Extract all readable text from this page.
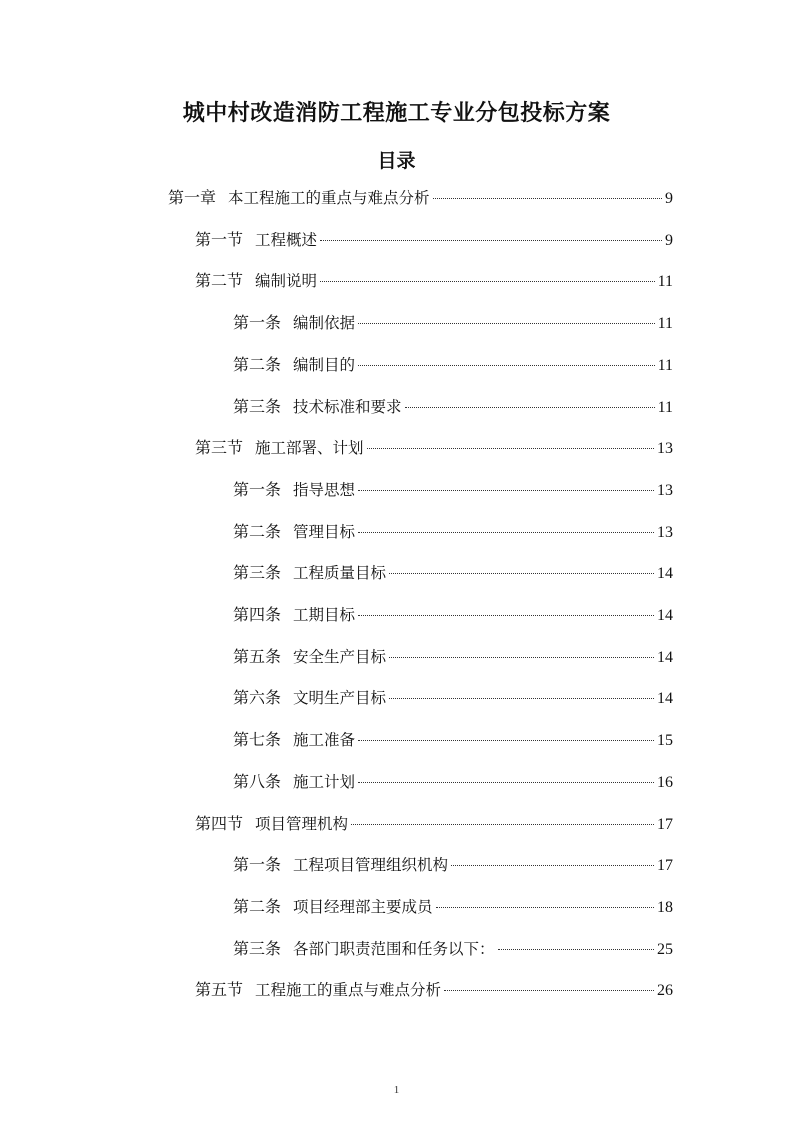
城中村改造消防工程施工专业分包投标方案
目录
第一章 本工程施工的重点与难点分析	9
第一节 工程概述	9
第二节 编制说明	11
第一条 编制依据	11
第二条 编制目的	11
第三条 技术标准和要求	11
第三节 施工部署、计划	13
第一条 指导思想	13
第二条 管理目标	13
第三条 工程质量目标	14
第四条 工期目标	14
第五条 安全生产目标	14
第六条 文明生产目标	14
第七条 施工准备	15
第八条 施工计划	16
第四节 项目管理机构	17
第一条 工程项目管理组织机构	17
第二条 项目经理部主要成员	18
第三条 各部门职责范围和任务以下：	25
第五节 工程施工的重点与难点分析	26
1
